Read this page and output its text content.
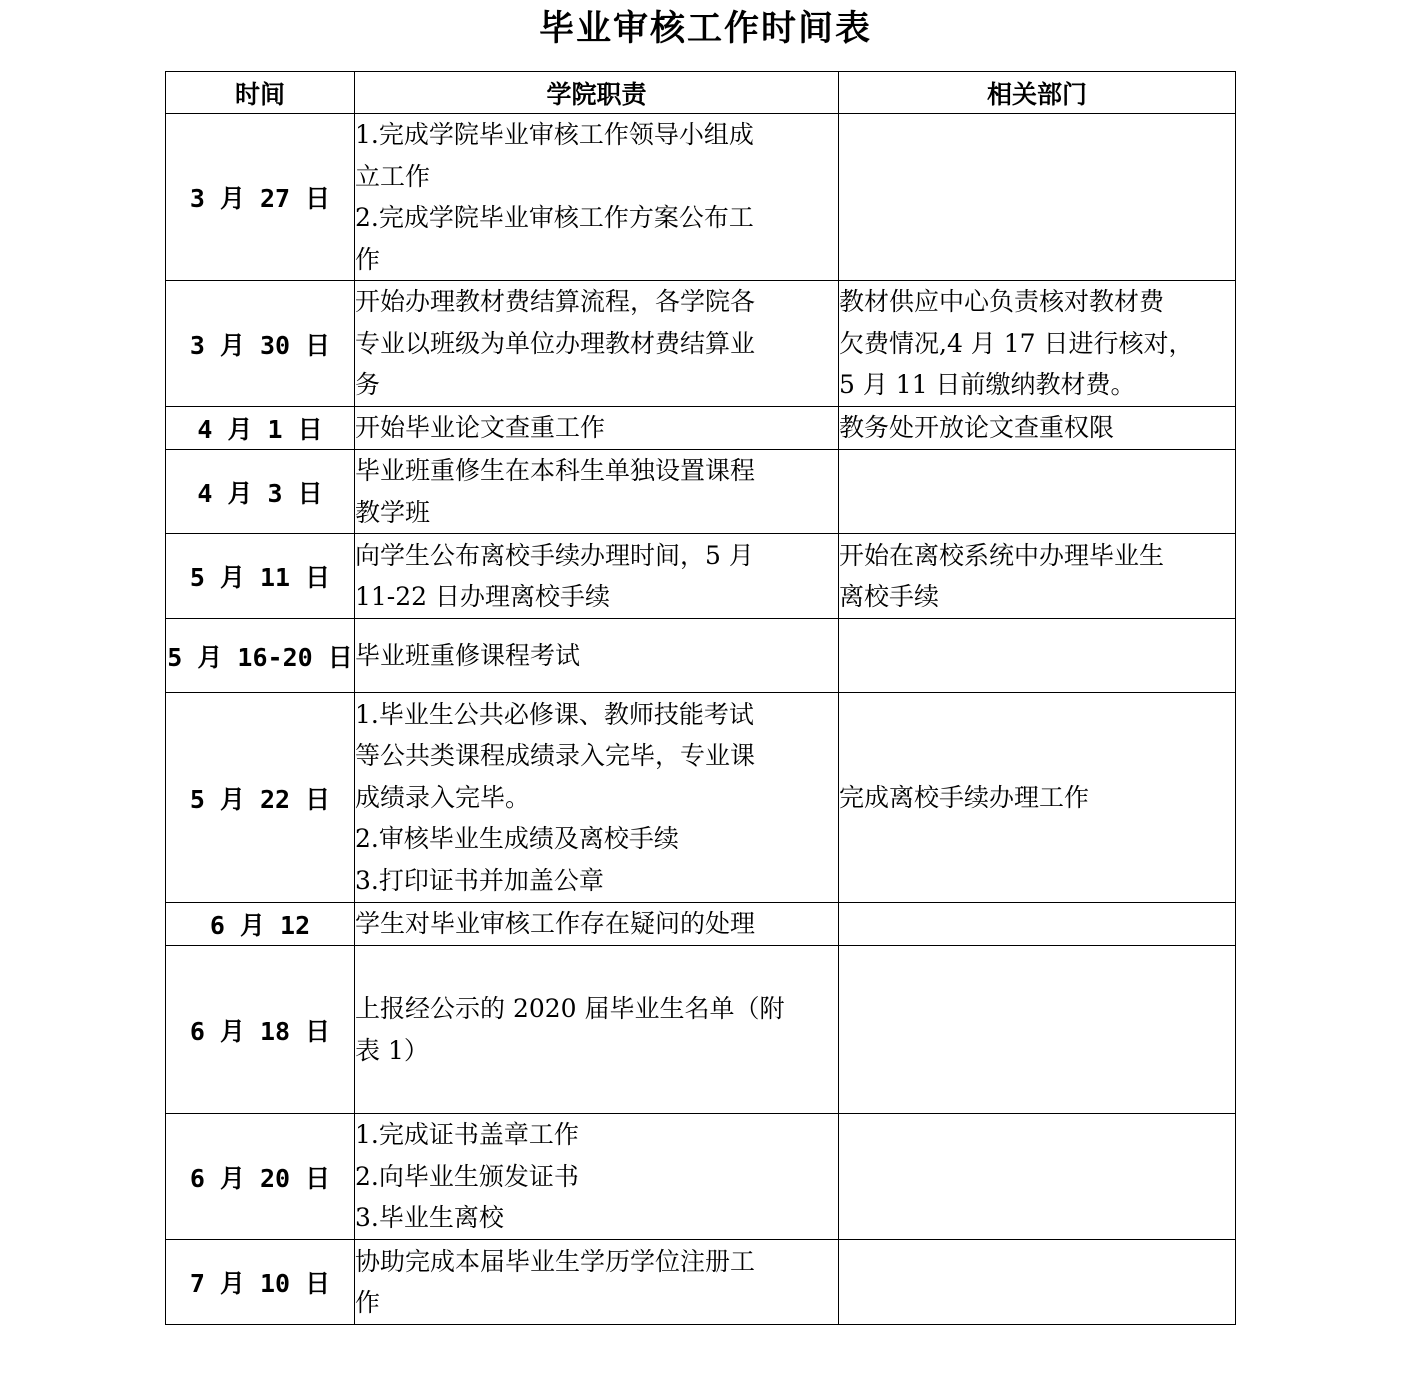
毕业审核工作时间表
时间	学院职责	相关部门
3 月 27 日	1.完成学院毕业审核工作领导小组成
立工作
2.完成学院毕业审核工作方案公布工
作	

3 月 30 日	开始办理教材费结算流程，各学院各
专业以班级为单位办理教材费结算业
务	教材供应中心负责核对教材费
欠费情况,4 月 17 日进行核对，
5 月 11 日前缴纳教材费。

4 月 1 日	开始毕业论文查重工作	教务处开放论文查重权限

4 月 3 日	毕业班重修生在本科生单独设置课程
教学班	

5 月 11 日	向学生公布离校手续办理时间，5 月
11-22 日办理离校手续	开始在离校系统中办理毕业生
离校手续

5 月 16-20 日	毕业班重修课程考试	

5 月 22 日	1.毕业生公共必修课、教师技能考试
等公共类课程成绩录入完毕，专业课
成绩录入完毕。
2.审核毕业生成绩及离校手续
3.打印证书并加盖公章	完成离校手续办理工作

6 月 12	学生对毕业审核工作存在疑问的处理	

6 月 18 日	上报经公示的 2020 届毕业生名单（附
表 1）	

6 月 20 日	1.完成证书盖章工作
2.向毕业生颁发证书
3.毕业生离校	

7 月 10 日	协助完成本届毕业生学历学位注册工
作	
